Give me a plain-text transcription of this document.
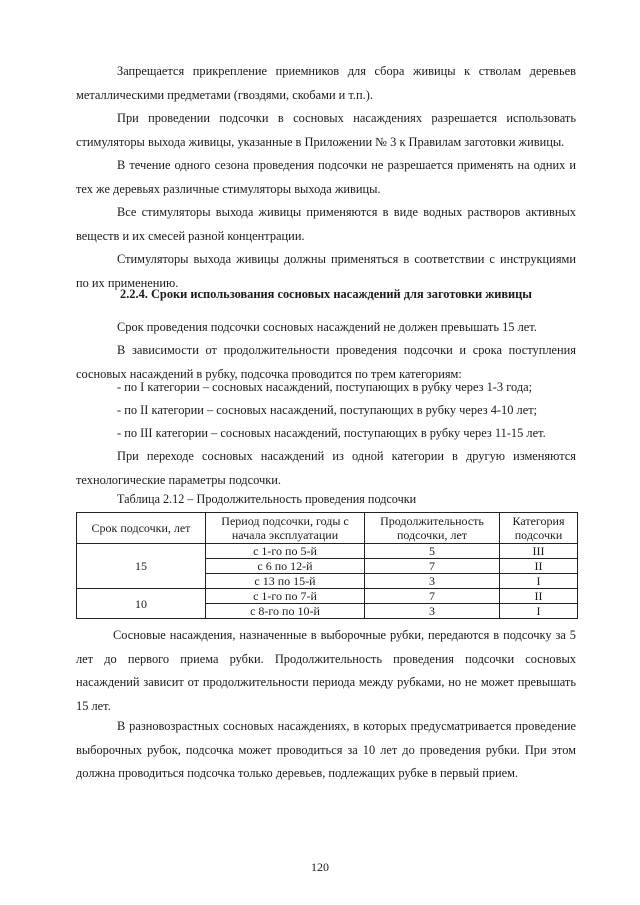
Запрещается прикрепление приемников для сбора живицы к стволам деревьев металлическими предметами (гвоздями, скобами и т.п.).

При проведении подсочки в сосновых насаждениях разрешается использовать стимуляторы выхода живицы, указанные в Приложении № 3 к Правилам заготовки живицы.

В течение одного сезона проведения подсочки не разрешается применять на одних и тех же деревьях различные стимуляторы выхода живицы.

Все стимуляторы выхода живицы применяются в виде водных растворов активных веществ и их смесей разной концентрации.

Стимуляторы выхода живицы должны применяться в соответствии с инструкциями по их применению.

2.2.4. Сроки использования сосновых насаждений для заготовки живицы

Срок проведения подсочки сосновых насаждений не должен превышать 15 лет.

В зависимости от продолжительности проведения подсочки и срока поступления сосновых насаждений в рубку, подсочка проводится по трем категориям:

- по I категории – сосновых насаждений, поступающих в рубку через 1-3 года;

- по II категории – сосновых насаждений, поступающих в рубку через 4-10 лет;

- по III категории – сосновых насаждений, поступающих в рубку через 11-15 лет.

При переходе сосновых насаждений из одной категории в другую изменяются технологические параметры подсочки.

Таблица 2.12 – Продолжительность проведения подсочки

Срок подсочки, лет	Период подсочки, годы с начала эксплуатации	Продолжительность подсочки, лет	Категория подсочки
15	с 1-го по 5-й	5	III
	с 6 по 12-й	7	II
	с 13 по 15-й	3	I
10	с 1-го по 7-й	7	II
	с 8-го по 10-й	3	I

Сосновые насаждения, назначенные в выборочные рубки, передаются в подсочку за 5 лет до первого приема рубки. Продолжительность проведения подсочки сосновых насаждений зависит от продолжительности периода между рубками, но не может превышать 15 лет.

В разновозрастных сосновых насаждениях, в которых предусматривается проведение выборочных рубок, подсочка может проводиться за 10 лет до проведения рубки. При этом должна проводиться подсочка только деревьев, подлежащих рубке в первый прием.

120
